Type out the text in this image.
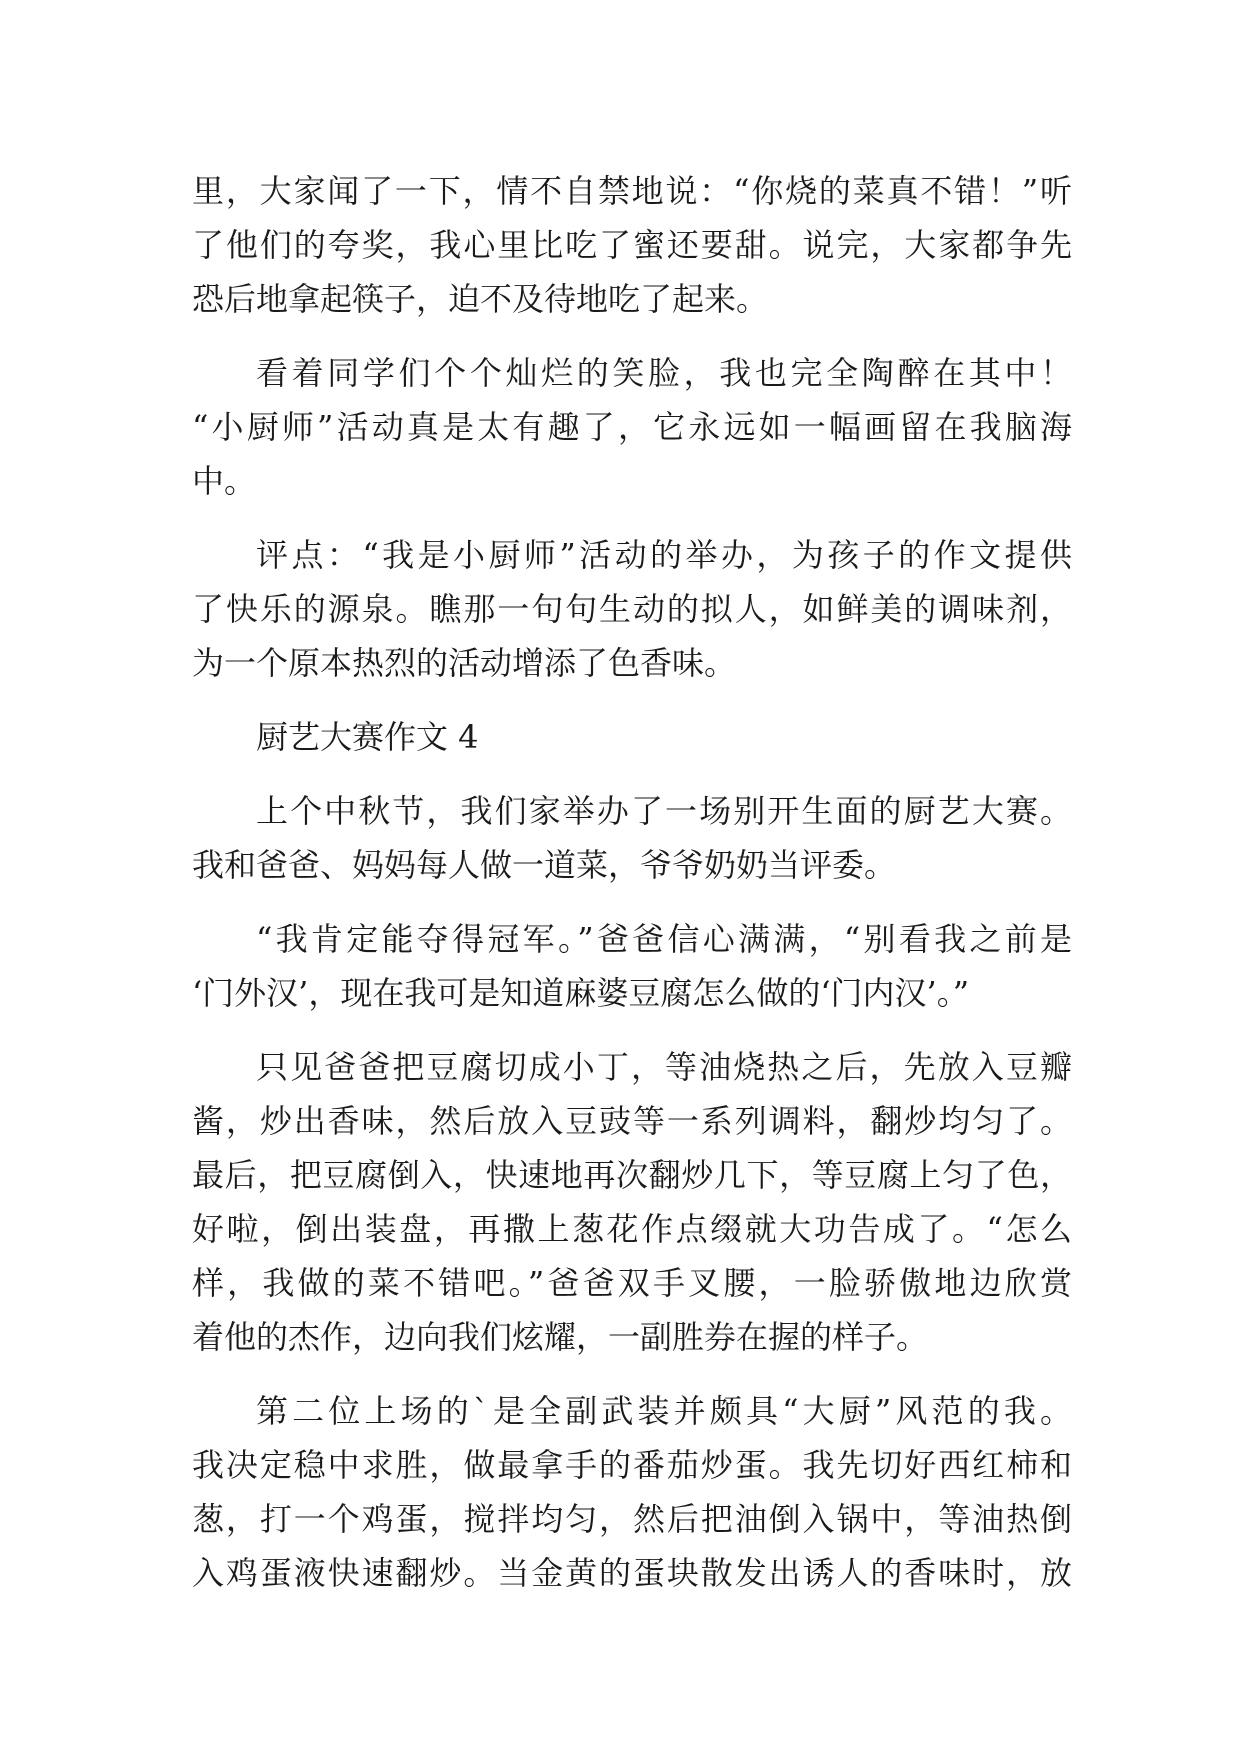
里，大家闻了一下，情不自禁地说：“你烧的菜真不错！”听

了他们的夸奖，我心里比吃了蜜还要甜。说完，大家都争先

恐后地拿起筷子，迫不及待地吃了起来。

看着同学们个个灿烂的笑脸，我也完全陶醉在其中！

“小厨师”活动真是太有趣了，它永远如一幅画留在我脑海

中。

评点：“我是小厨师”活动的举办，为孩子的作文提供

了快乐的源泉。瞧那一句句生动的拟人，如鲜美的调味剂，

为一个原本热烈的活动增添了色香味。

厨艺大赛作文 4

上个中秋节，我们家举办了一场别开生面的厨艺大赛。

我和爸爸、妈妈每人做一道菜，爷爷奶奶当评委。

“我肯定能夺得冠军。”爸爸信心满满，“别看我之前是

‘门外汉’，现在我可是知道麻婆豆腐怎么做的‘门内汉’。”

只见爸爸把豆腐切成小丁，等油烧热之后，先放入豆瓣

酱，炒出香味，然后放入豆豉等一系列调料，翻炒均匀了。

最后，把豆腐倒入，快速地再次翻炒几下，等豆腐上匀了色，

好啦，倒出装盘，再撒上葱花作点缀就大功告成了。“怎么

样，我做的菜不错吧。”爸爸双手叉腰，一脸骄傲地边欣赏

着他的杰作，边向我们炫耀，一副胜券在握的样子。

第二位上场的`是全副武装并颇具“大厨”风范的我。

我决定稳中求胜，做最拿手的番茄炒蛋。我先切好西红柿和

葱，打一个鸡蛋，搅拌均匀，然后把油倒入锅中，等油热倒

入鸡蛋液快速翻炒。当金黄的蛋块散发出诱人的香味时，放
